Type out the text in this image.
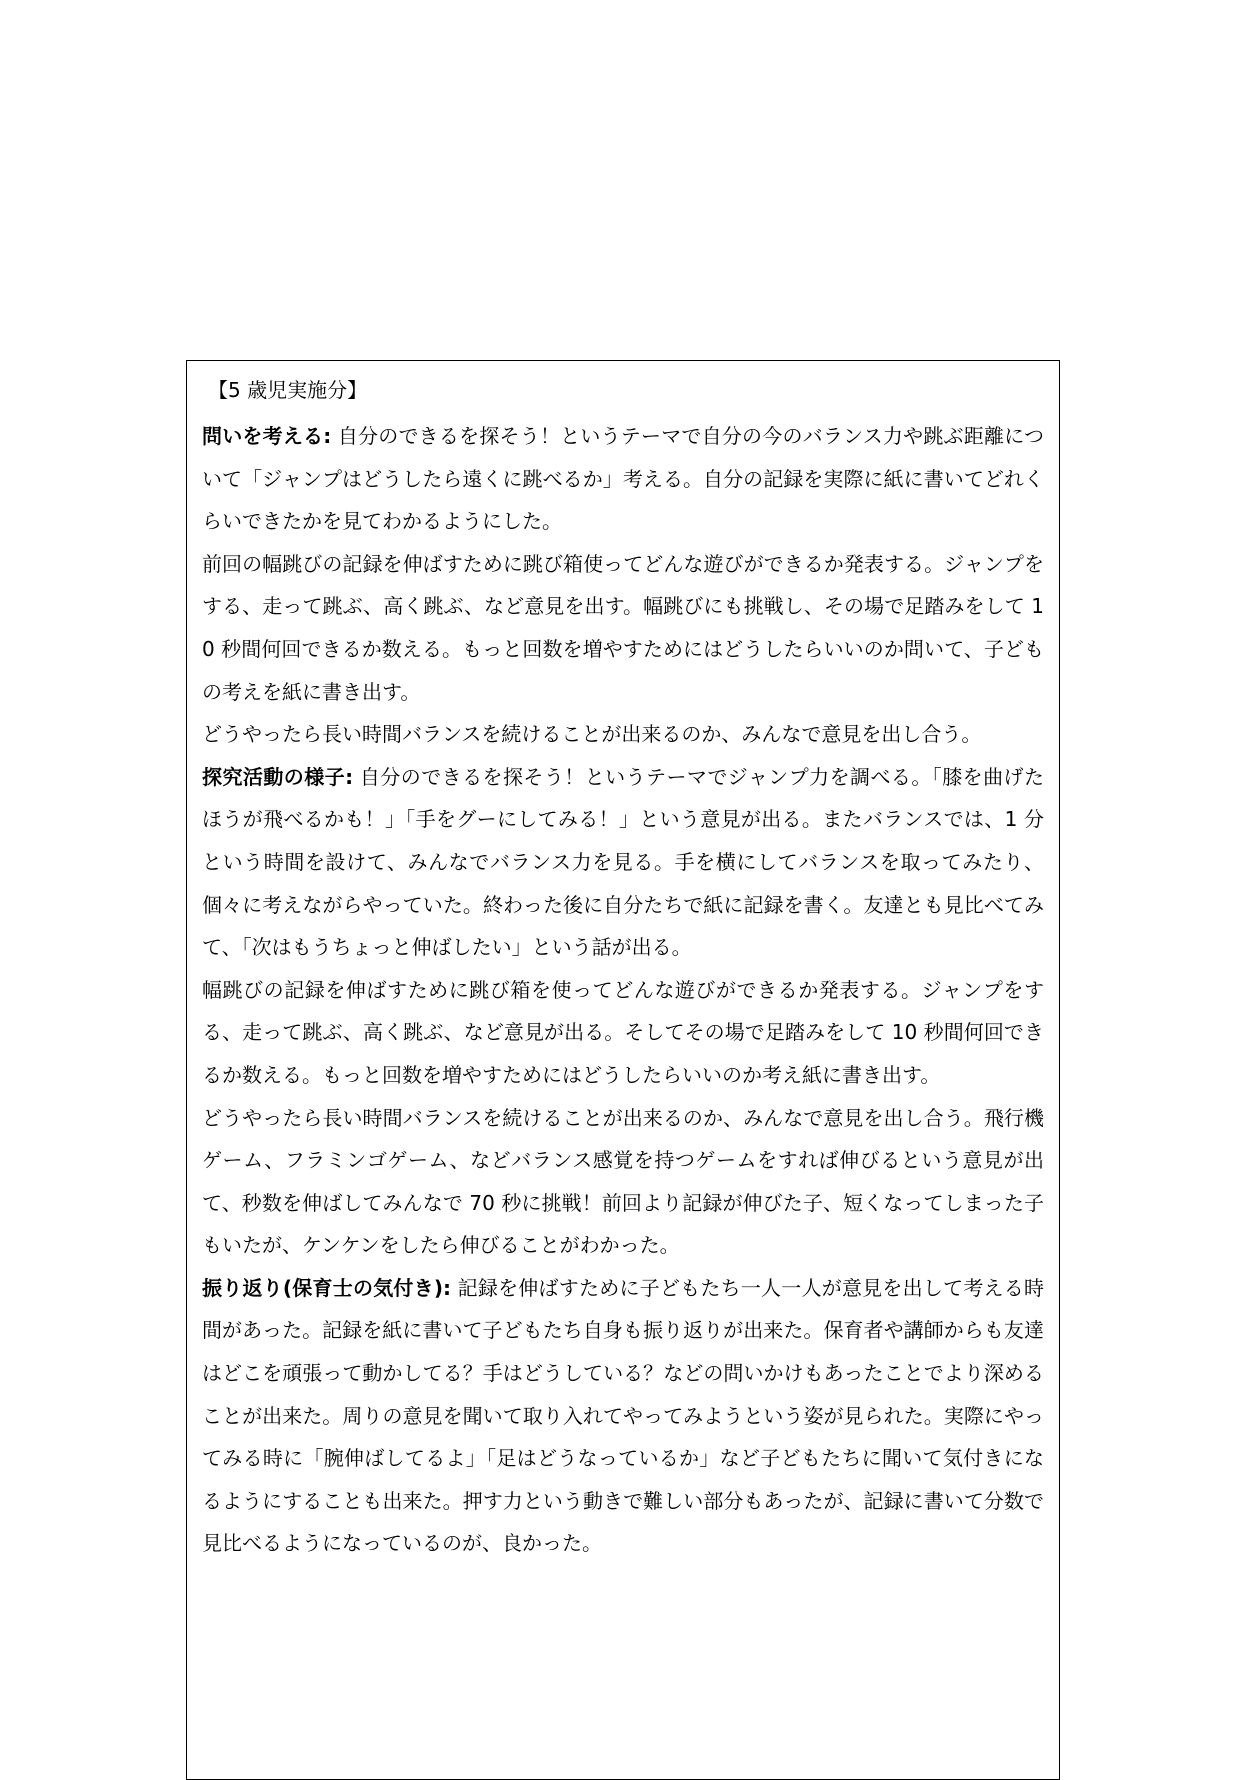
【5 歳児実施分】

問いを考える: 自分のできるを探そう！というテーマで自分の今のバランス力や跳ぶ距離について「ジャンプはどうしたら遠くに跳べるか」考える。自分の記録を実際に紙に書いてどれくらいできたかを見てわかるようにした。

前回の幅跳びの記録を伸ばすために跳び箱使ってどんな遊びができるか発表する。ジャンプをする、走って跳ぶ、高く跳ぶ、など意見を出す。幅跳びにも挑戦し、その場で足踏みをして 10 秒間何回できるか数える。もっと回数を増やすためにはどうしたらいいのか問いて、子どもの考えを紙に書き出す。

どうやったら長い時間バランスを続けることが出来るのか、みんなで意見を出し合う。

探究活動の様子: 自分のできるを探そう！というテーマでジャンプ力を調べる。「膝を曲げたほうが飛べるかも！」「手をグーにしてみる！」という意見が出る。またバランスでは、1 分という時間を設けて、みんなでバランス力を見る。手を横にしてバランスを取ってみたり、個々に考えながらやっていた。終わった後に自分たちで紙に記録を書く。友達とも見比べてみて、「次はもうちょっと伸ばしたい」という話が出る。

幅跳びの記録を伸ばすために跳び箱を使ってどんな遊びができるか発表する。ジャンプをする、走って跳ぶ、高く跳ぶ、など意見が出る。そしてその場で足踏みをして 10 秒間何回できるか数える。もっと回数を増やすためにはどうしたらいいのか考え紙に書き出す。

どうやったら長い時間バランスを続けることが出来るのか、みんなで意見を出し合う。飛行機ゲーム、フラミンゴゲーム、などバランス感覚を持つゲームをすれば伸びるという意見が出て、秒数を伸ばしてみんなで 70 秒に挑戦！前回より記録が伸びた子、短くなってしまった子もいたが、ケンケンをしたら伸びることがわかった。

振り返り(保育士の気付き): 記録を伸ばすために子どもたち一人一人が意見を出して考える時間があった。記録を紙に書いて子どもたち自身も振り返りが出来た。保育者や講師からも友達はどこを頑張って動かしてる？手はどうしている？などの問いかけもあったことでより深めることが出来た。周りの意見を聞いて取り入れてやってみようという姿が見られた。実際にやってみる時に「腕伸ばしてるよ」「足はどうなっているか」など子どもたちに聞いて気付きになるようにすることも出来た。押す力という動きで難しい部分もあったが、記録に書いて分数で見比べるようになっているのが、良かった。
